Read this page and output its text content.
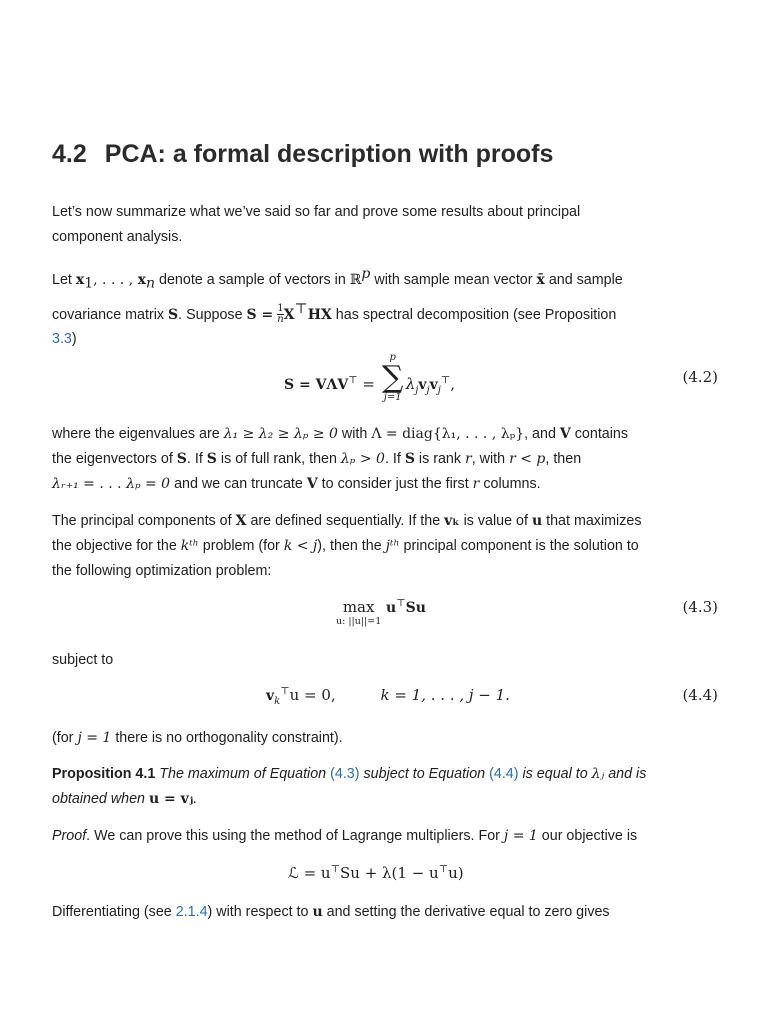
4.2 PCA: a formal description with proofs

Let’s now summarize what we’ve said so far and prove some results about principal
component analysis.

Let $x_1$, . . . , $x_n$ denote a sample of vectors in ℝ$^p$ with sample mean vector x̄ and sample
covariance matrix S. Suppose $S = \frac{1}{n} X^⊤HX$ has spectral decomposition (see Proposition
3.3)

S = VΛV⊤ =
p
∑
j=1
$\lambda_jv_jv_j^⊤$,	(4.2)

where the eigenvalues are λ₁ ≥ λ₂ ≥ λₚ ≥ 0 with Λ = diag{λ₁, . . . , λₚ}, and V contains
the eigenvectors of S. If S is of full rank, then λₚ > 0. If S is rank r, with r < p, then
λᵣ₊₁ = . . . λₚ = 0 and we can truncate V to consider just the first r columns.

The principal components of X are defined sequentially. If the vₖ is value of u that maximizes
the objective for the kᵗʰ problem (for k < j), then the jᵗʰ principal component is the solution to
the following optimization problem:

max
u: ||u||=1
u⊤Su	(4.3)

subject to

$v_k^⊤u = 0$,	k = 1, . . . , j − 1.	(4.4)

(for j = 1 there is no orthogonality constraint).

Proposition 4.1 The maximum of Equation (4.3) subject to Equation (4.4) is equal to λⱼ and is
obtained when u = vⱼ.

Proof. We can prove this using the method of Lagrange multipliers. For j = 1 our objective is

ℒ = u⊤Su + λ(1 − u⊤u)

Differentiating (see 2.1.4) with respect to u and setting the derivative equal to zero gives
